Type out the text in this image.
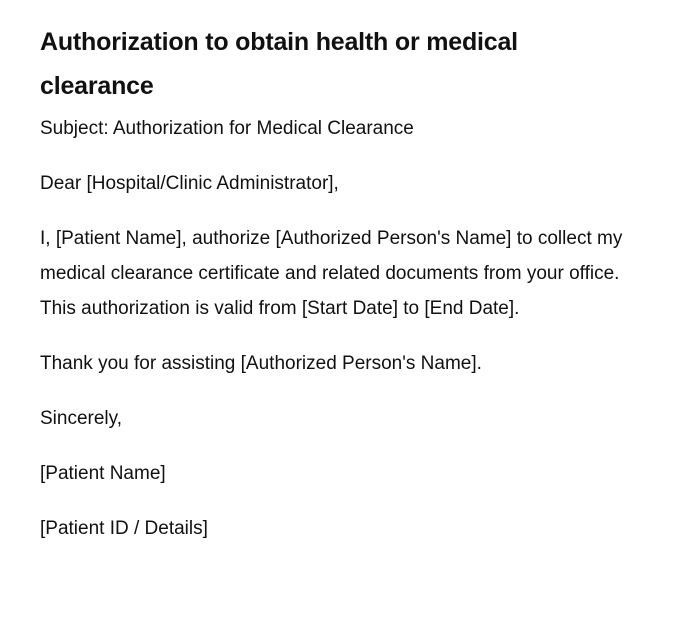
Authorization to obtain health or medical clearance

Subject: Authorization for Medical Clearance

Dear [Hospital/Clinic Administrator],

I, [Patient Name], authorize [Authorized Person's Name] to collect my medical clearance certificate and related documents from your office. This authorization is valid from [Start Date] to [End Date].

Thank you for assisting [Authorized Person's Name].

Sincerely,

[Patient Name]

[Patient ID / Details]
